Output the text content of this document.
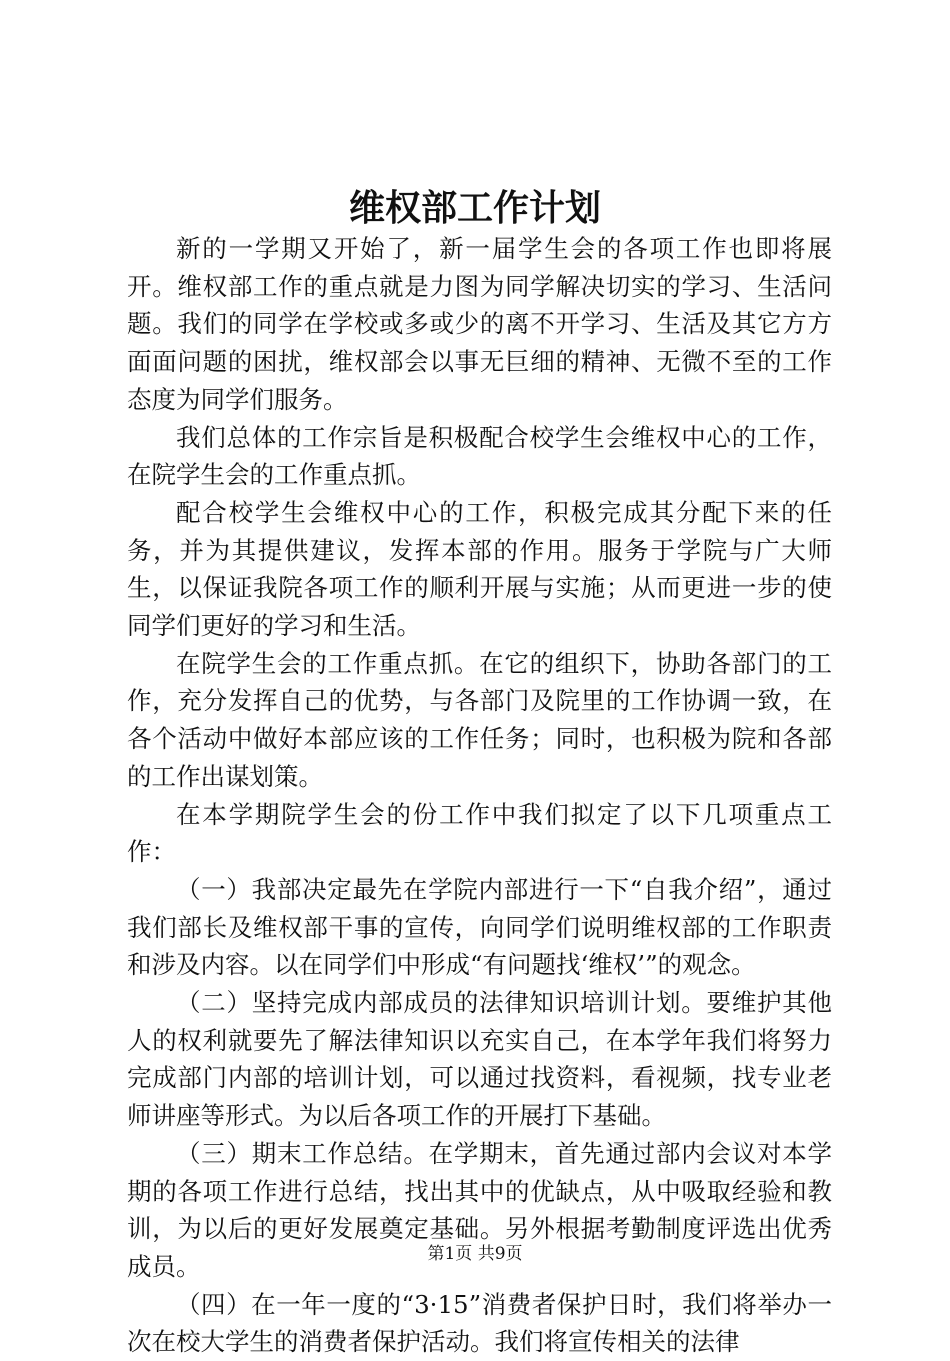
维权部工作计划

新的一学期又开始了，新一届学生会的各项工作也即将展开。维权部工作的重点就是力图为同学解决切实的学习、生活问题。我们的同学在学校或多或少的离不开学习、生活及其它方方面面问题的困扰，维权部会以事无巨细的精神、无微不至的工作态度为同学们服务。

我们总体的工作宗旨是积极配合校学生会维权中心的工作，在院学生会的工作重点抓。

配合校学生会维权中心的工作，积极完成其分配下来的任务，并为其提供建议，发挥本部的作用。服务于学院与广大师生，以保证我院各项工作的顺利开展与实施；从而更进一步的使同学们更好的学习和生活。

在院学生会的工作重点抓。在它的组织下，协助各部门的工作，充分发挥自己的优势，与各部门及院里的工作协调一致，在各个活动中做好本部应该的工作任务；同时，也积极为院和各部的工作出谋划策。

在本学期院学生会的份工作中我们拟定了以下几项重点工作：

（一）我部决定最先在学院内部进行一下“自我介绍”，通过我们部长及维权部干事的宣传，向同学们说明维权部的工作职责和涉及内容。以在同学们中形成“有问题找‘维权’”的观念。

（二）坚持完成内部成员的法律知识培训计划。要维护其他人的权利就要先了解法律知识以充实自己，在本学年我们将努力完成部门内部的培训计划，可以通过找资料，看视频，找专业老师讲座等形式。为以后各项工作的开展打下基础。

（三）期末工作总结。在学期末，首先通过部内会议对本学期的各项工作进行总结，找出其中的优缺点，从中吸取经验和教训，为以后的更好发展奠定基础。另外根据考勤制度评选出优秀成员。

（四）在一年一度的“3·15”消费者保护日时，我们将举办一次在校大学生的消费者保护活动。我们将宣传相关的法律

第1页 共9页
